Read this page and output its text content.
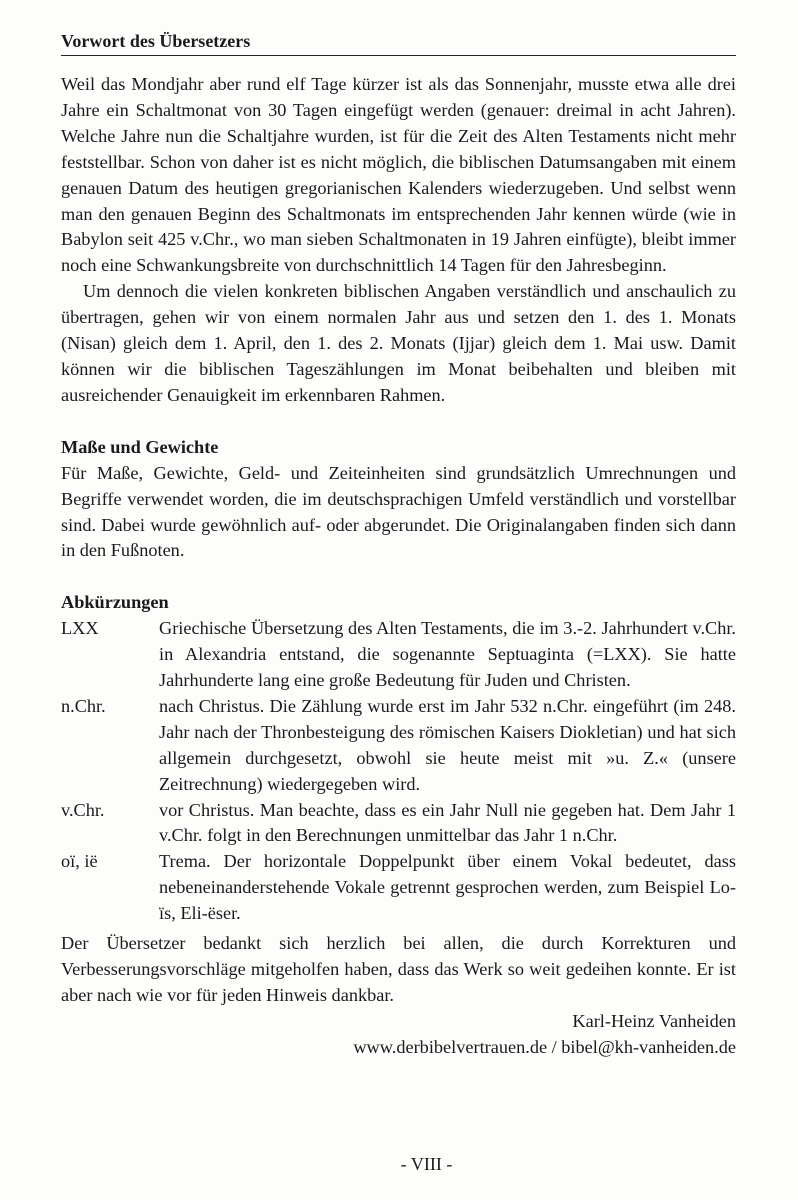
Vorwort des Übersetzers

Weil das Mondjahr aber rund elf Tage kürzer ist als das Sonnenjahr, musste etwa alle drei Jahre ein Schaltmonat von 30 Tagen eingefügt werden (genauer: dreimal in acht Jahren). Welche Jahre nun die Schaltjahre wurden, ist für die Zeit des Alten Testaments nicht mehr feststellbar. Schon von daher ist es nicht möglich, die biblischen Datumsangaben mit einem genauen Datum des heutigen gregorianischen Kalenders wiederzugeben. Und selbst wenn man den genauen Beginn des Schaltmonats im entsprechenden Jahr kennen würde (wie in Babylon seit 425 v.Chr., wo man sieben Schaltmonaten in 19 Jahren einfügte), bleibt immer noch eine Schwankungsbreite von durchschnittlich 14 Tagen für den Jahresbeginn.

Um dennoch die vielen konkreten biblischen Angaben verständlich und anschaulich zu übertragen, gehen wir von einem normalen Jahr aus und setzen den 1. des 1. Monats (Nisan) gleich dem 1. April, den 1. des 2. Monats (Ijjar) gleich dem 1. Mai usw. Damit können wir die biblischen Tageszählungen im Monat beibehalten und bleiben mit ausreichender Genauigkeit im erkennbaren Rahmen.

Maße und Gewichte

Für Maße, Gewichte, Geld- und Zeiteinheiten sind grundsätzlich Umrechnungen und Begriffe verwendet worden, die im deutschsprachigen Umfeld verständlich und vorstellbar sind. Dabei wurde gewöhnlich auf- oder abgerundet. Die Originalangaben finden sich dann in den Fußnoten.

Abkürzungen

LXX	Griechische Übersetzung des Alten Testaments, die im 3.-2. Jahrhundert v.Chr. in Alexandria entstand, die sogenannte Septuaginta (=LXX). Sie hatte Jahrhunderte lang eine große Bedeutung für Juden und Christen.
n.Chr.	nach Christus. Die Zählung wurde erst im Jahr 532 n.Chr. eingeführt (im 248. Jahr nach der Thronbesteigung des römischen Kaisers Diokletian) und hat sich allgemein durchgesetzt, obwohl sie heute meist mit »u. Z.« (unsere Zeitrechnung) wiedergegeben wird.
v.Chr.	vor Christus. Man beachte, dass es ein Jahr Null nie gegeben hat. Dem Jahr 1 v.Chr. folgt in den Berechnungen unmittelbar das Jahr 1 n.Chr.
oï, ië	Trema. Der horizontale Doppelpunkt über einem Vokal bedeutet, dass nebeneinanderstehende Vokale getrennt gesprochen werden, zum Beispiel Lo-ïs, Eli-ëser.

Der Übersetzer bedankt sich herzlich bei allen, die durch Korrekturen und Verbesserungsvorschläge mitgeholfen haben, dass das Werk so weit gedeihen konnte. Er ist aber nach wie vor für jeden Hinweis dankbar.

Karl-Heinz Vanheiden

www.derbibelvertrauen.de / bibel@kh-vanheiden.de

- VIII -
